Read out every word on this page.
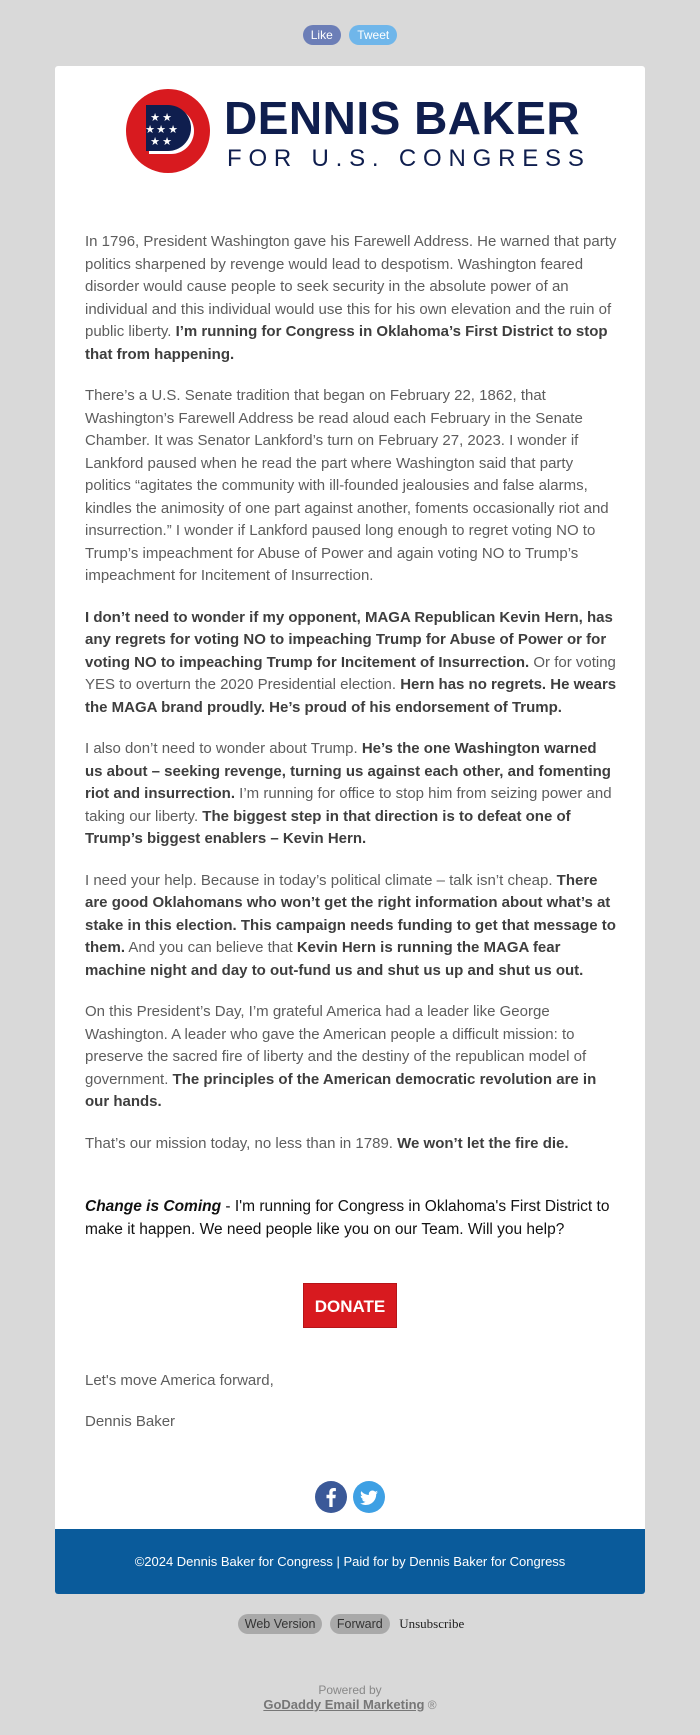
Like Tweet
★ ★
★ ★ ★
★ ★ DENNIS BAKER
FOR U.S. CONGRESS

In 1796, President Washington gave his Farewell Address. He warned that party politics sharpened by revenge would lead to despotism. Washington feared disorder would cause people to seek security in the absolute power of an individual and this individual would use this for his own elevation and the ruin of public liberty. I’m running for Congress in Oklahoma’s First District to stop that from happening.

There’s a U.S. Senate tradition that began on February 22, 1862, that Washington’s Farewell Address be read aloud each February in the Senate Chamber. It was Senator Lankford’s turn on February 27, 2023. I wonder if Lankford paused when he read the part where Washington said that party politics “agitates the community with ill-founded jealousies and false alarms, kindles the animosity of one part against another, foments occasionally riot and insurrection.” I wonder if Lankford paused long enough to regret voting NO to Trump’s impeachment for Abuse of Power and again voting NO to Trump’s impeachment for Incitement of Insurrection.

I don’t need to wonder if my opponent, MAGA Republican Kevin Hern, has any regrets for voting NO to impeaching Trump for Abuse of Power or for voting NO to impeaching Trump for Incitement of Insurrection. Or for voting YES to overturn the 2020 Presidential election. Hern has no regrets. He wears the MAGA brand proudly. He’s proud of his endorsement of Trump.

I also don’t need to wonder about Trump. He’s the one Washington warned us about – seeking revenge, turning us against each other, and fomenting riot and insurrection. I’m running for office to stop him from seizing power and taking our liberty. The biggest step in that direction is to defeat one of Trump’s biggest enablers – Kevin Hern.

I need your help. Because in today’s political climate – talk isn’t cheap. There are good Oklahomans who won’t get the right information about what’s at stake in this election. This campaign needs funding to get that message to them. And you can believe that Kevin Hern is running the MAGA fear machine night and day to out-fund us and shut us up and shut us out.

On this President’s Day, I’m grateful America had a leader like George Washington. A leader who gave the American people a difficult mission: to preserve the sacred fire of liberty and the destiny of the republican model of government. The principles of the American democratic revolution are in our hands.

That’s our mission today, no less than in 1789. We won’t let the fire die.

Change is Coming - I'm running for Congress in Oklahoma's First District to make it happen. We need people like you on our Team. Will you help?
DONATE
Let's move America forward,
Dennis Baker

©2024 Dennis Baker for Congress | Paid for by Dennis Baker for Congress
Web Version Forward Unsubscribe
Powered by
GoDaddy Email Marketing ®
